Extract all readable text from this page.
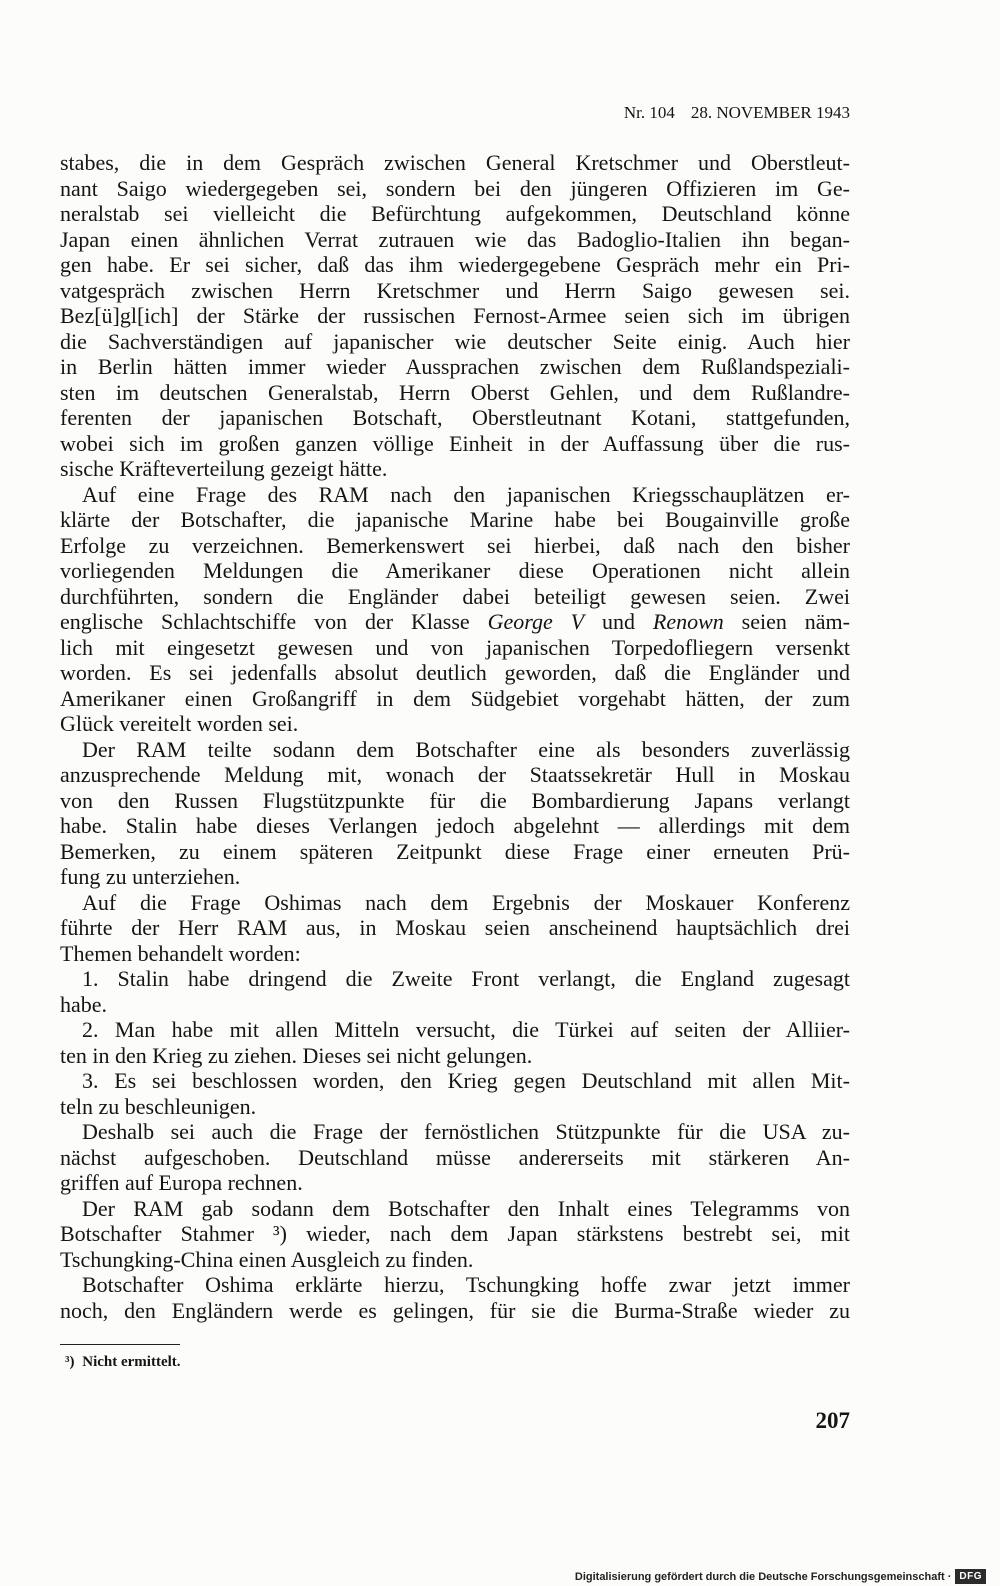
Nr. 104 28. NOVEMBER 1943
stabes, die in dem Gespräch zwischen General Kretschmer und Oberstleut-
nant Saigo wiedergegeben sei, sondern bei den jüngeren Offizieren im Ge-
neralstab sei vielleicht die Befürchtung aufgekommen, Deutschland könne
Japan einen ähnlichen Verrat zutrauen wie das Badoglio-Italien ihn began-
gen habe. Er sei sicher, daß das ihm wiedergegebene Gespräch mehr ein Pri-
vatgespräch zwischen Herrn Kretschmer und Herrn Saigo gewesen sei.
Bez[ü]gl[ich] der Stärke der russischen Fernost-Armee seien sich im übrigen
die Sachverständigen auf japanischer wie deutscher Seite einig. Auch hier
in Berlin hätten immer wieder Aussprachen zwischen dem Rußlandspeziali-
sten im deutschen Generalstab, Herrn Oberst Gehlen, und dem Rußlandre-
ferenten der japanischen Botschaft, Oberstleutnant Kotani, stattgefunden,
wobei sich im großen ganzen völlige Einheit in der Auffassung über die rus-
sische Kräfteverteilung gezeigt hätte.
Auf eine Frage des RAM nach den japanischen Kriegsschauplätzen er-
klärte der Botschafter, die japanische Marine habe bei Bougainville große
Erfolge zu verzeichnen. Bemerkenswert sei hierbei, daß nach den bisher
vorliegenden Meldungen die Amerikaner diese Operationen nicht allein
durchführten, sondern die Engländer dabei beteiligt gewesen seien. Zwei
englische Schlachtschiffe von der Klasse George V und Renown seien näm-
lich mit eingesetzt gewesen und von japanischen Torpedofliegern versenkt
worden. Es sei jedenfalls absolut deutlich geworden, daß die Engländer und
Amerikaner einen Großangriff in dem Südgebiet vorgehabt hätten, der zum
Glück vereitelt worden sei.
Der RAM teilte sodann dem Botschafter eine als besonders zuverlässig
anzusprechende Meldung mit, wonach der Staatssekretär Hull in Moskau
von den Russen Flugstützpunkte für die Bombardierung Japans verlangt
habe. Stalin habe dieses Verlangen jedoch abgelehnt — allerdings mit dem
Bemerken, zu einem späteren Zeitpunkt diese Frage einer erneuten Prü-
fung zu unterziehen.
Auf die Frage Oshimas nach dem Ergebnis der Moskauer Konferenz
führte der Herr RAM aus, in Moskau seien anscheinend hauptsächlich drei
Themen behandelt worden:
1. Stalin habe dringend die Zweite Front verlangt, die England zugesagt
habe.
2. Man habe mit allen Mitteln versucht, die Türkei auf seiten der Alliier-
ten in den Krieg zu ziehen. Dieses sei nicht gelungen.
3. Es sei beschlossen worden, den Krieg gegen Deutschland mit allen Mit-
teln zu beschleunigen.
Deshalb sei auch die Frage der fernöstlichen Stützpunkte für die USA zu-
nächst aufgeschoben. Deutschland müsse andererseits mit stärkeren An-
griffen auf Europa rechnen.
Der RAM gab sodann dem Botschafter den Inhalt eines Telegramms von
Botschafter Stahmer ³) wieder, nach dem Japan stärkstens bestrebt sei, mit
Tschungking-China einen Ausgleich zu finden.
Botschafter Oshima erklärte hierzu, Tschungking hoffe zwar jetzt immer
noch, den Engländern werde es gelingen, für sie die Burma-Straße wieder zu
³) Nicht ermittelt.
207
Digitalisierung gefördert durch die Deutsche Forschungsgemeinschaft · DFG
